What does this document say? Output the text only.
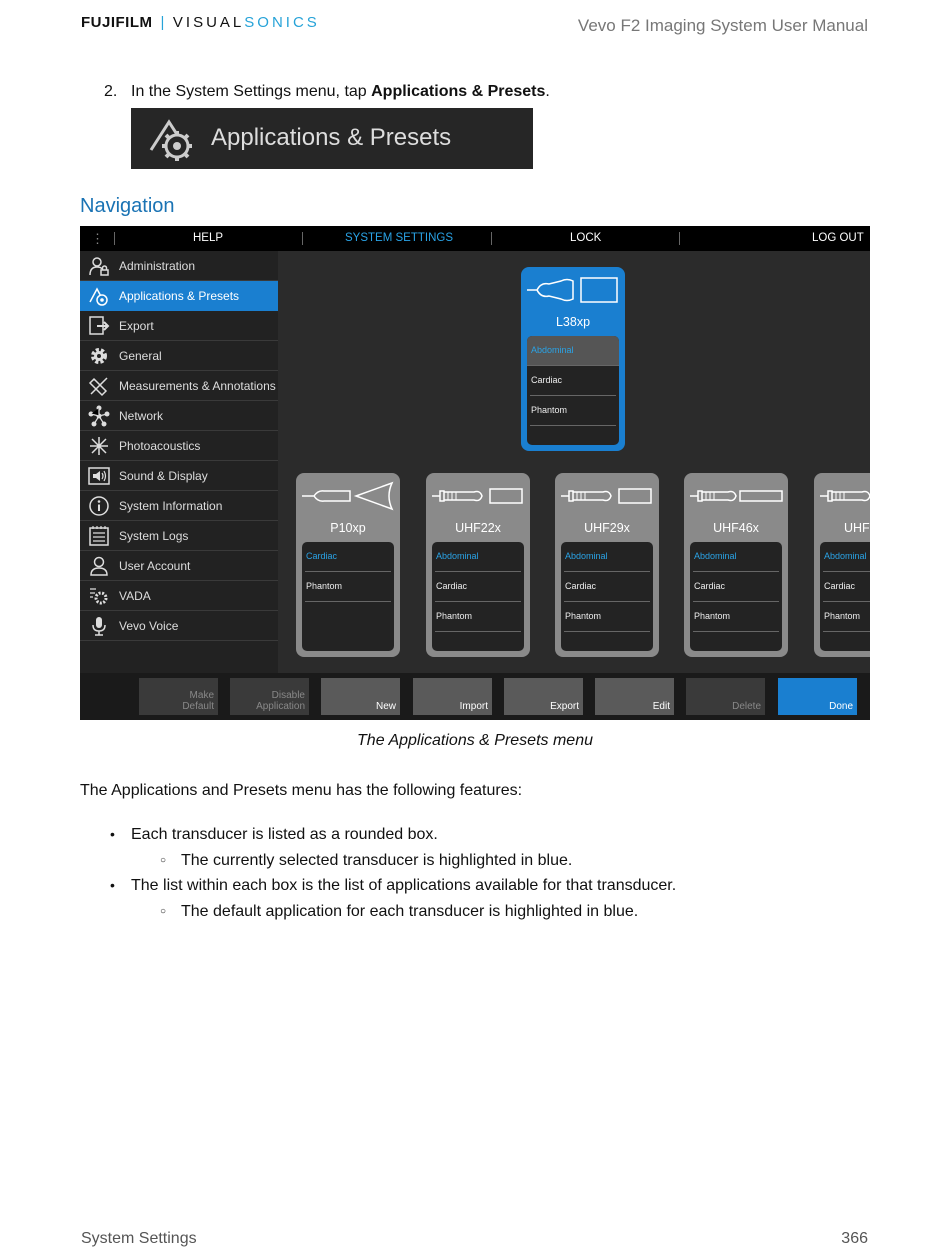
FUJIFILM | VISUALSONICS	Vevo F2 Imaging System User Manual
2. In the System Settings menu, tap Applications & Presets.
Applications & Presets
Navigation
⋮	HELP	SYSTEM SETTINGS	LOCK	LOG OUT
Administration
Applications & Presets
Export
General
Measurements & Annotations
Network
Photoacoustics
Sound & Display
System Information
System Logs
User Account
VADA
Vevo Voice
L38xp
Abdominal
Cardiac
Phantom
P10xp
Cardiac
Phantom
UHF22x
Abdominal
Cardiac
Phantom
UHF29x
Abdominal
Cardiac
Phantom
UHF46x
Abdominal
Cardiac
Phantom
UHF
Abdominal
Cardiac
Phantom
Make
Default
Disable
Application	New	Import	Export	Edit	Delete	Done
The Applications & Presets menu
The Applications and Presets menu has the following features:
• Each transducer is listed as a rounded box.
○ The currently selected transducer is highlighted in blue.
• The list within each box is the list of applications available for that transducer.
○ The default application for each transducer is highlighted in blue.
System Settings	366
